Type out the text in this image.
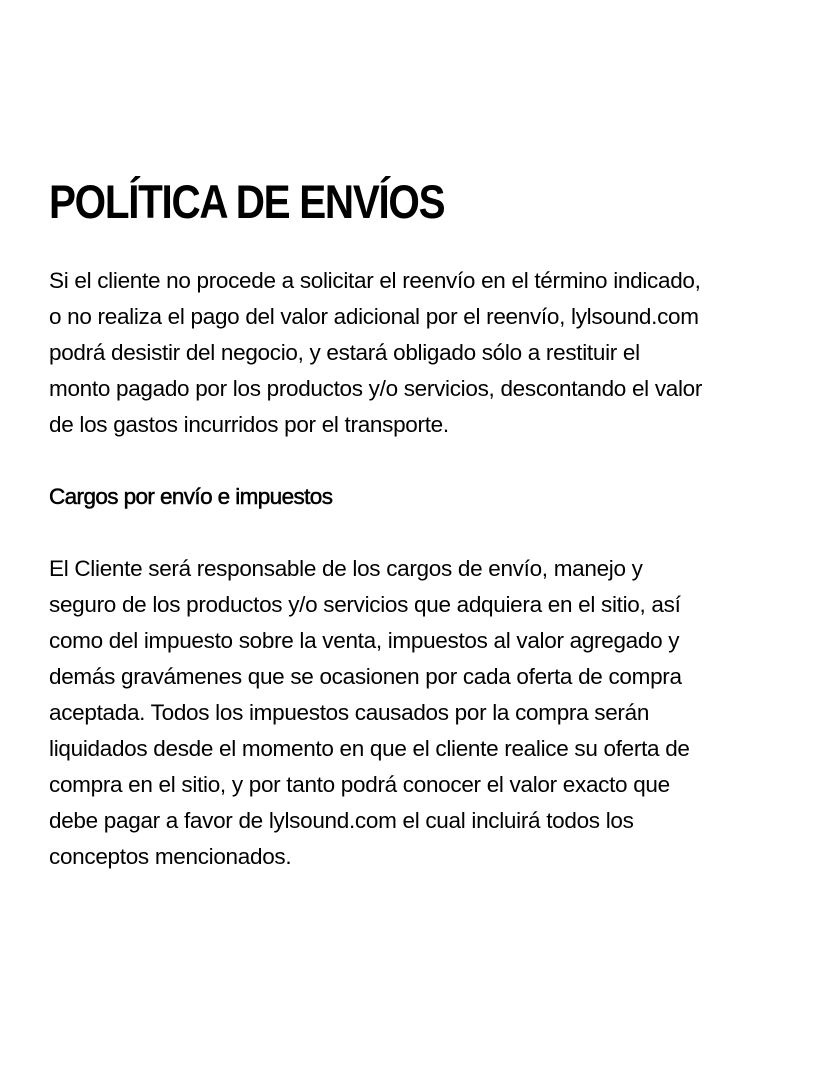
POLÍTICA DE ENVÍOS

Si el cliente no procede a solicitar el reenvío en el término indicado,
o no realiza el pago del valor adicional por el reenvío, lylsound.com
podrá desistir del negocio, y estará obligado sólo a restituir el
monto pagado por los productos y/o servicios, descontando el valor
de los gastos incurridos por el transporte.

Cargos por envío e impuestos

El Cliente será responsable de los cargos de envío, manejo y
seguro de los productos y/o servicios que adquiera en el sitio, así
como del impuesto sobre la venta, impuestos al valor agregado y
demás gravámenes que se ocasionen por cada oferta de compra
aceptada. Todos los impuestos causados por la compra serán
liquidados desde el momento en que el cliente realice su oferta de
compra en el sitio, y por tanto podrá conocer el valor exacto que
debe pagar a favor de lylsound.com el cual incluirá todos los
conceptos mencionados.
